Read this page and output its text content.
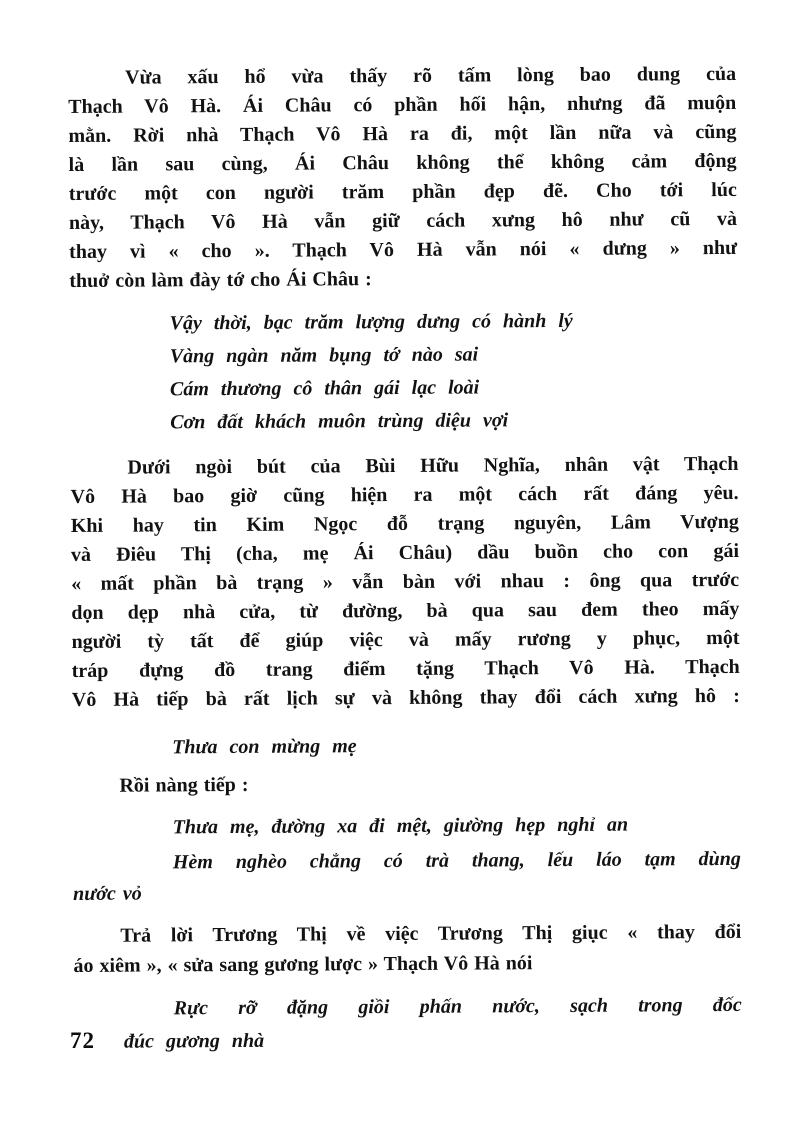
Vừa xấu hổ vừa thấy rõ tấm lòng bao dung của
Thạch Vô Hà. Ái Châu có phần hối hận, nhưng đã muộn
mằn. Rời nhà Thạch Vô Hà ra đi, một lần nữa và cũng
là lần sau cùng, Ái Châu không thể không cảm động
trước một con người trăm phần đẹp đẽ. Cho tới lúc
này, Thạch Vô Hà vẫn giữ cách xưng hô như cũ và
thay vì « cho ». Thạch Vô Hà vẫn nói « dưng » như
thuở còn làm đày tớ cho Ái Châu :
Vậy thời, bạc trăm lượng dưng có hành lý
Vàng ngàn năm bụng tớ nào sai
Cám thương cô thân gái lạc loài
Cơn đất khách muôn trùng diệu vợi
Dưới ngòi bút của Bùi Hữu Nghĩa, nhân vật Thạch
Vô Hà bao giờ cũng hiện ra một cách rất đáng yêu.
Khi hay tin Kim Ngọc đỗ trạng nguyên, Lâm Vượng
và Điêu Thị (cha, mẹ Ái Châu) dầu buồn cho con gái
« mất phần bà trạng » vẫn bàn với nhau : ông qua trước
dọn dẹp nhà cửa, từ đường, bà qua sau đem theo mấy
người tỳ tất để giúp việc và mấy rương y phục, một
tráp đựng đồ trang điểm tặng Thạch Vô Hà. Thạch
Vô Hà tiếp bà rất lịch sự và không thay đổi cách xưng hô :
Thưa con mừng mẹ
Rồi nàng tiếp :
Thưa mẹ, đường xa đi mệt, giường hẹp nghỉ an
Hèm nghèo chẳng có trà thang, lếu láo tạm dùng
nước vỏ
Trả lời Trương Thị về việc Trương Thị giục « thay đổi
áo xiêm », « sửa sang gương lược » Thạch Vô Hà nói
Rực rỡ đặng giồi phấn nước, sạch trong đốc
đúc gương nhà
72
